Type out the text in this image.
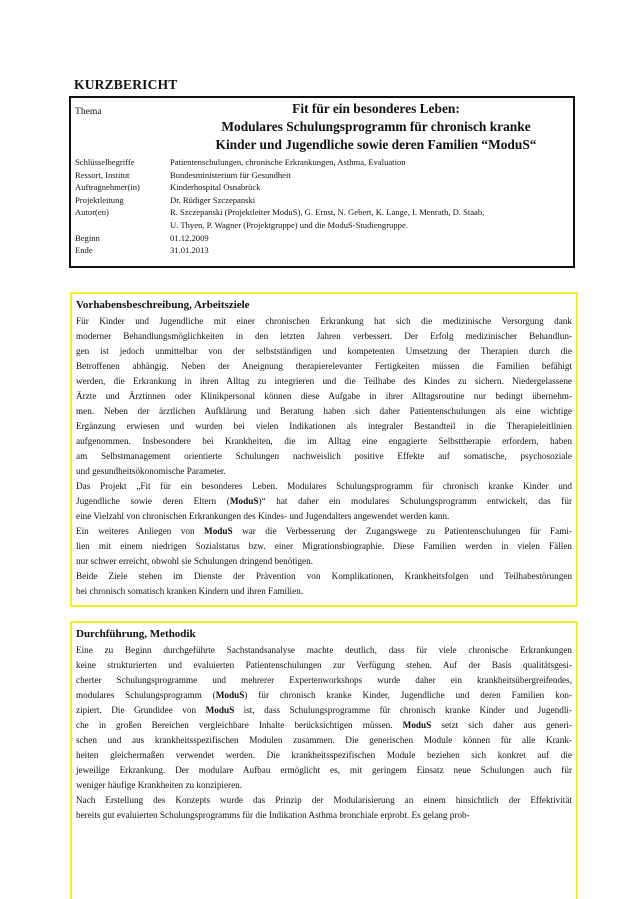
KURZBERICHT
Thema	Fit für ein besonderes Leben:
Modulares Schulungsprogramm für chronisch kranke
Kinder und Jugendliche sowie deren Familien “ModuS“
Schlüsselbegriffe	Patientenschulungen, chronische Erkrankungen, Asthma, Evaluation
Ressort, Institut	Bundesministerium für Gesundheit
Auftragnehmer(in)	Kinderhospital Osnabrück
Projektleitung	Dr. Rüdiger Szczepanski
Autor(en)	R. Szczepanski (Projektleiter ModuS), G. Ernst, N. Gebert, K. Lange, I. Menrath, D. Staab,
U. Thyen, P. Wagner (Projektgruppe) und die ModuS-Studiengruppe.
Beginn	01.12.2009
Ende	31.01.2013
Vorhabensbeschreibung, Arbeitsziele
Für Kinder und Jugendliche mit einer chronischen Erkrankung hat sich die medizinische Versorgung dank
moderner Behandlungsmöglichkeiten in den letzten Jahren verbessert. Der Erfolg medizinischer Behandlun-
gen ist jedoch unmittelbar von der selbstständigen und kompetenten Umsetzung der Therapien durch die
Betroffenen abhängig. Neben der Aneignung therapierelevanter Fertigkeiten müssen die Familien befähigt
werden, die Erkrankung in ihren Alltag zu integrieren und die Teilhabe des Kindes zu sichern. Niedergelassene
Ärzte und Ärztinnen oder Klinikpersonal können diese Aufgabe in ihrer Alltagsroutine nur bedingt übernehm-
men. Neben der ärztlichen Aufklärung und Beratung haben sich daher Patientenschulungen als eine wichtige
Ergänzung erwiesen und wurden bei vielen Indikationen als integraler Bestandteil in die Therapieleitlinien
aufgenommen. Insbesondere bei Krankheiten, die im Alltag eine engagierte Selbsttherapie erfordern, haben
am Selbstmanagement orientierte Schulungen nachweislich positive Effekte auf somatische, psychosoziale
und gesundheitsökonomische Parameter.
Das Projekt „Fit für ein besonderes Leben. Modulares Schulungsprogramm für chronisch kranke Kinder und
Jugendliche sowie deren Eltern (ModuS)“ hat daher ein modulares Schulungsprogramm entwickelt, das für
eine Vielzahl von chronischen Erkrankungen des Kindes- und Jugendalters angewendet werden kann.
Ein weiteres Anliegen von ModuS war die Verbesserung der Zugangswege zu Patientenschulungen für Fami-
lien mit einem niedrigen Sozialstatus bzw. einer Migrationsbiographie. Diese Familien werden in vielen Fällen
nur schwer erreicht, obwohl sie Schulungen dringend benötigen.
Beide Ziele stehen im Dienste der Prävention von Komplikationen, Krankheitsfolgen und Teilhabestörungen
bei chronisch somatisch kranken Kindern und ihren Familien.
Durchführung, Methodik
Eine zu Beginn durchgeführte Sachstandsanalyse machte deutlich, dass für viele chronische Erkrankungen
keine strukturierten und evaluierten Patientenschulungen zur Verfügung stehen. Auf der Basis qualitätsgesi-
cherter Schulungsprogramme und mehrerer Expertenworkshops wurde daher ein krankheitsübergreifendes,
modulares Schulungsprogramm (ModuS) für chronisch kranke Kinder, Jugendliche und deren Familien kon-
zipiert. Die Grundidee von ModuS ist, dass Schulungsprogramme für chronisch kranke Kinder und Jugendli-
che in großen Bereichen vergleichbare Inhalte berücksichtigen müssen. ModuS setzt sich daher aus generi-
schen und aus krankheitsspezifischen Modulen zusammen. Die generischen Module können für alle Krank-
heiten gleichermaßen verwendet werden. Die krankheitsspezifischen Module beziehen sich konkret auf die
jeweilige Erkrankung. Der modulare Aufbau ermöglicht es, mit geringem Einsatz neue Schulungen auch für
weniger häufige Krankheiten zu konzipieren.
Nach Erstellung des Konzepts wurde das Prinzip der Modularisierung an einem hinsichtlich der Effektivität
bereits gut evaluierten Schulungsprogramms für die Indikation Asthma bronchiale erprobt. Es gelang prob-
